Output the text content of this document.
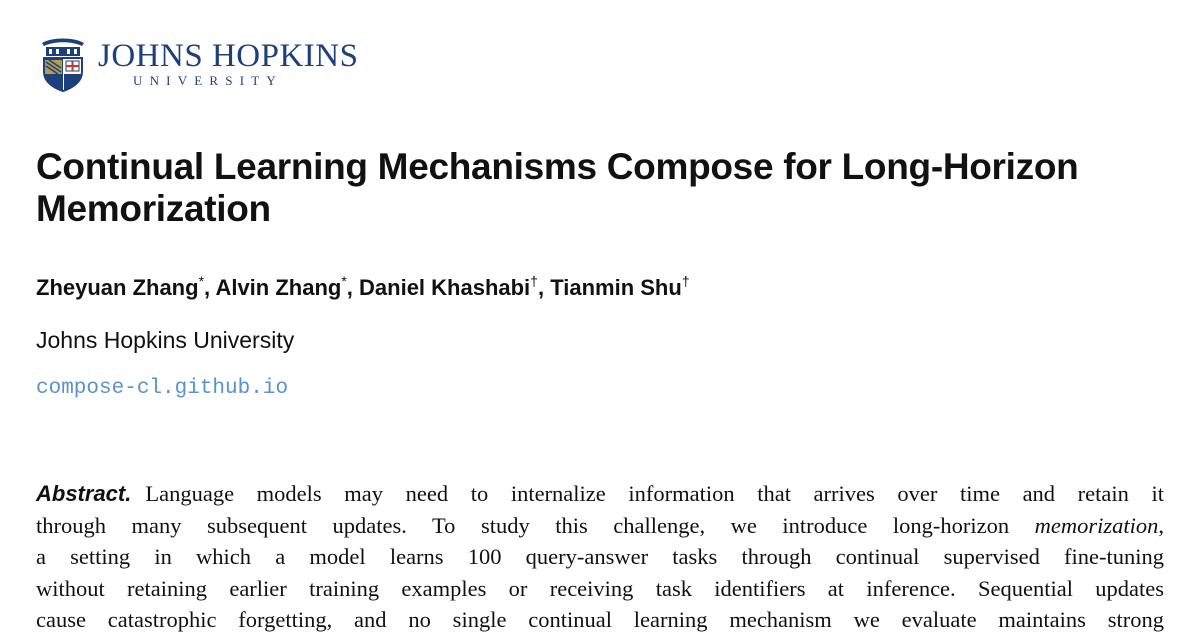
JOHNS HOPKINS
UNIVERSITY
Continual Learning Mechanisms Compose for Long-Horizon Memorization
Zheyuan Zhang*, Alvin Zhang*, Daniel Khashabi†, Tianmin Shu†
Johns Hopkins University
compose-cl.github.io
Abstract. Language models may need to internalize information that arrives over time and retain it
through many subsequent updates. To study this challenge, we introduce long-horizon memorization,
a setting in which a model learns 100 query-answer tasks through continual supervised fine-tuning
without retaining earlier training examples or receiving task identifiers at inference. Sequential updates
cause catastrophic forgetting, and no single continual learning mechanism we evaluate maintains strong
